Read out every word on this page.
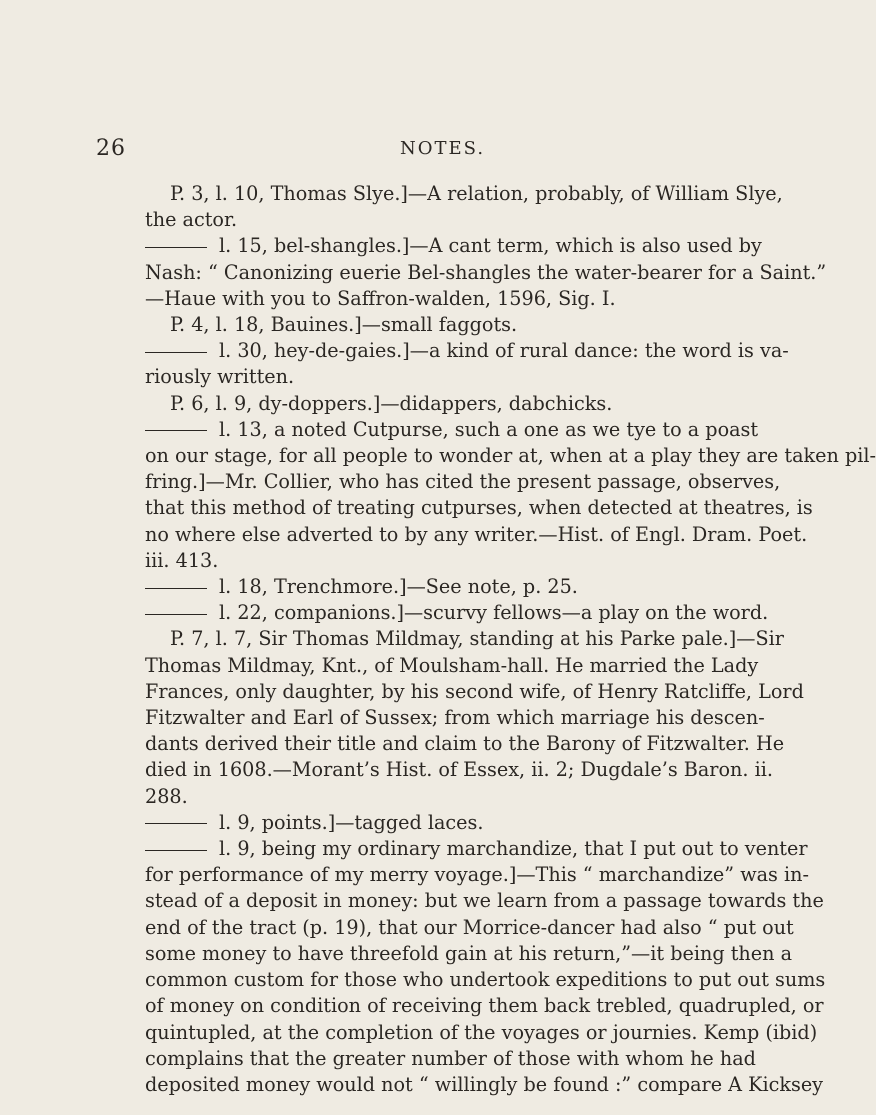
26	NOTES.
P. 3, l. 10, Thomas Slye.]—A relation, probably, of William Slye,
the actor.
l. 15, bel-shangles.]—A cant term, which is also used by
Nash: “ Canonizing euerie Bel-shangles the water-bearer for a Saint.”
—Haue with you to Saffron-walden, 1596, Sig. I.
P. 4, l. 18, Bauines.]—small faggots.
l. 30, hey-de-gaies.]—a kind of rural dance: the word is va-
riously written.
P. 6, l. 9, dy-doppers.]—didappers, dabchicks.
l. 13, a noted Cutpurse, such a one as we tye to a poast
on our stage, for all people to wonder at, when at a play they are taken pil-
fring.]—Mr. Collier, who has cited the present passage, observes,
that this method of treating cutpurses, when detected at theatres, is
no where else adverted to by any writer.—Hist. of Engl. Dram. Poet.
iii. 413.
l. 18, Trenchmore.]—See note, p. 25.
l. 22, companions.]—scurvy fellows—a play on the word.
P. 7, l. 7, Sir Thomas Mildmay, standing at his Parke pale.]—Sir
Thomas Mildmay, Knt., of Moulsham-hall. He married the Lady
Frances, only daughter, by his second wife, of Henry Ratcliffe, Lord
Fitzwalter and Earl of Sussex; from which marriage his descen-
dants derived their title and claim to the Barony of Fitzwalter. He
died in 1608.—Morant’s Hist. of Essex, ii. 2; Dugdale’s Baron. ii.
288.
l. 9, points.]—tagged laces.
l. 9, being my ordinary marchandize, that I put out to venter
for performance of my merry voyage.]—This “ marchandize” was in-
stead of a deposit in money: but we learn from a passage towards the
end of the tract (p. 19), that our Morrice-dancer had also “ put out
some money to have threefold gain at his return,”—it being then a
common custom for those who undertook expeditions to put out sums
of money on condition of receiving them back trebled, quadrupled, or
quintupled, at the completion of the voyages or journies. Kemp (ibid)
complains that the greater number of those with whom he had
deposited money would not “ willingly be found :” compare A Kicksey
